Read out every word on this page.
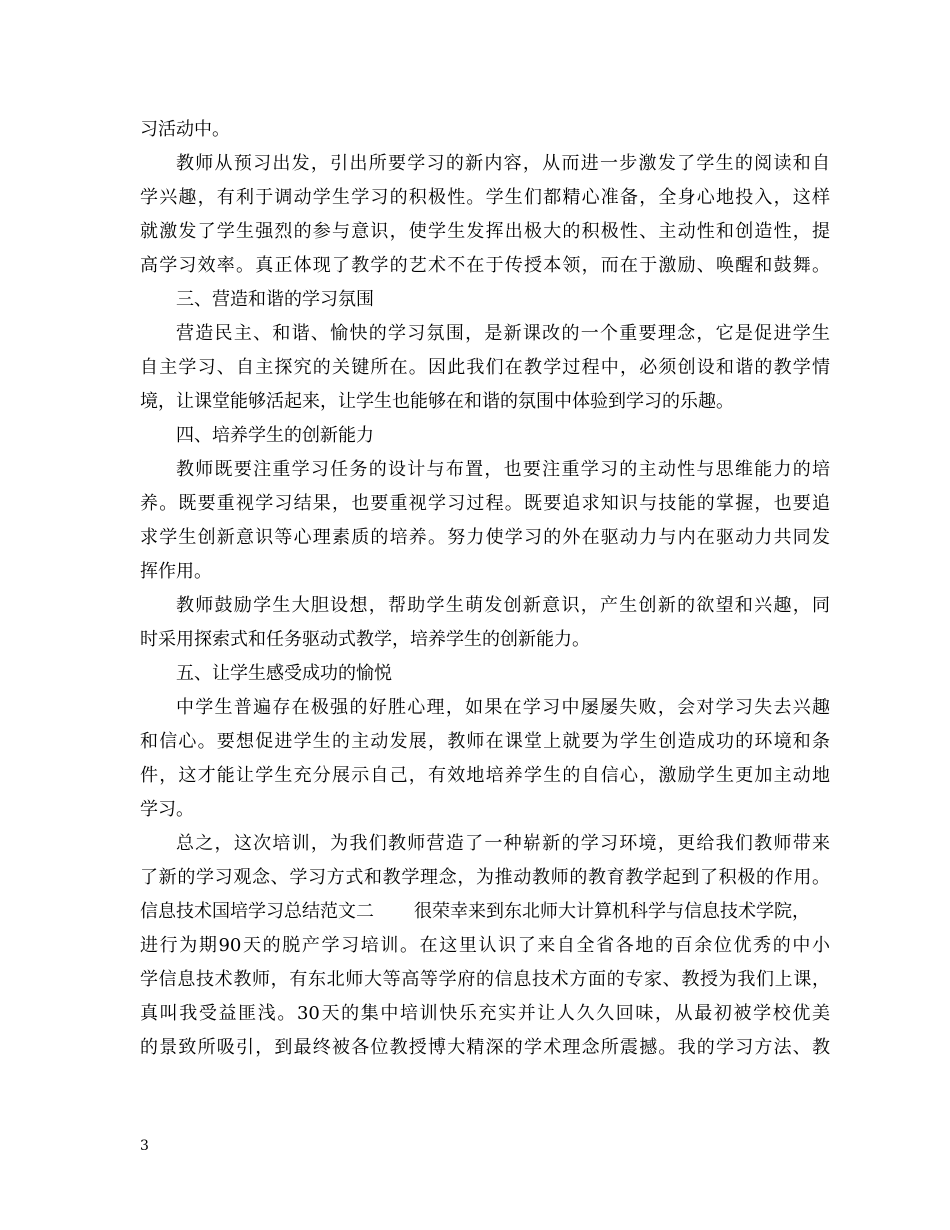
习活动中。
教师从预习出发，引出所要学习的新内容，从而进一步激发了学生的阅读和自
学兴趣，有利于调动学生学习的积极性。学生们都精心准备，全身心地投入，这样
就激发了学生强烈的参与意识，使学生发挥出极大的积极性、主动性和创造性，提
高学习效率。真正体现了教学的艺术不在于传授本领，而在于激励、唤醒和鼓舞。
三、营造和谐的学习氛围
营造民主、和谐、愉快的学习氛围，是新课改的一个重要理念，它是促进学生
自主学习、自主探究的关键所在。因此我们在教学过程中，必须创设和谐的教学情
境，让课堂能够活起来，让学生也能够在和谐的氛围中体验到学习的乐趣。
四、培养学生的创新能力
教师既要注重学习任务的设计与布置，也要注重学习的主动性与思维能力的培
养。既要重视学习结果，也要重视学习过程。既要追求知识与技能的掌握，也要追
求学生创新意识等心理素质的培养。努力使学习的外在驱动力与内在驱动力共同发
挥作用。
教师鼓励学生大胆设想，帮助学生萌发创新意识，产生创新的欲望和兴趣，同
时采用探索式和任务驱动式教学，培养学生的创新能力。
五、让学生感受成功的愉悦
中学生普遍存在极强的好胜心理，如果在学习中屡屡失败，会对学习失去兴趣
和信心。要想促进学生的主动发展，教师在课堂上就要为学生创造成功的环境和条
件，这才能让学生充分展示自己，有效地培养学生的自信心，激励学生更加主动地
学习。
总之，这次培训，为我们教师营造了一种崭新的学习环境，更给我们教师带来
了新的学习观念、学习方式和教学理念，为推动教师的教育教学起到了积极的作用。
信息技术国培学习总结范文二 很荣幸来到东北师大计算机科学与信息技术学院，
进行为期90天的脱产学习培训。在这里认识了来自全省各地的百余位优秀的中小
学信息技术教师，有东北师大等高等学府的信息技术方面的专家、教授为我们上课，
真叫我受益匪浅。30天的集中培训快乐充实并让人久久回味，从最初被学校优美
的景致所吸引，到最终被各位教授博大精深的学术理念所震撼。我的学习方法、教
3
